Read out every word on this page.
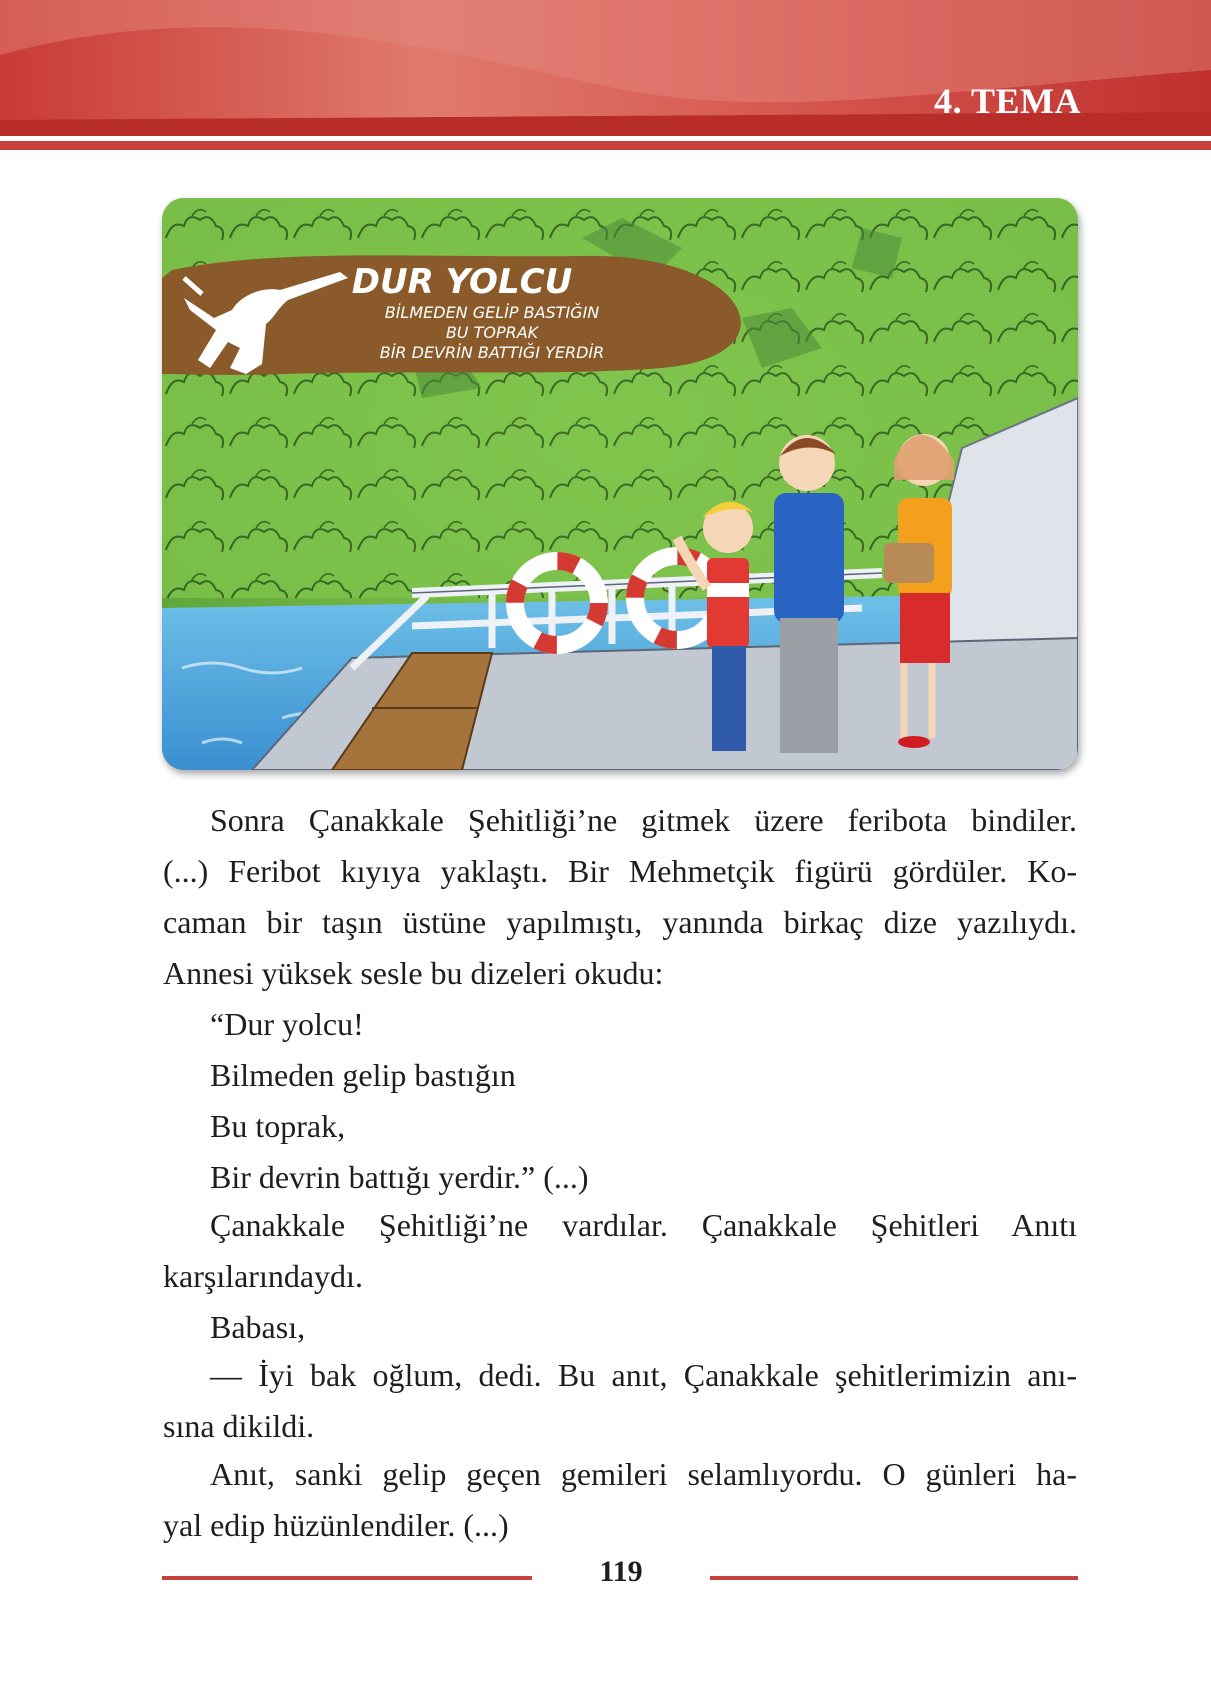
4. TEMA
DUR YOLCU
BİLMEDEN GELİP BASTIĞIN
BU TOPRAK
BİR DEVRİN BATTIĞI YERDİR

Sonra Çanakkale Şehitliği’ne gitmek üzere feribota bindiler.
(...) Feribot kıyıya yaklaştı. Bir Mehmetçik figürü gördüler. Ko-
caman bir taşın üstüne yapılmıştı, yanında birkaç dize yazılıydı.
Annesi yüksek sesle bu dizeleri okudu:

“Dur yolcu!

Bilmeden gelip bastığın

Bu toprak,

Bir devrin battığı yerdir.” (...)

Çanakkale Şehitliği’ne vardılar. Çanakkale Şehitleri Anıtı
karşılarındaydı.

Babası,

— İyi bak oğlum, dedi. Bu anıt, Çanakkale şehitlerimizin anı-
sına dikildi.

Anıt, sanki gelip geçen gemileri selamlıyordu. O günleri ha-
yal edip hüzünlendiler. (...)

119
